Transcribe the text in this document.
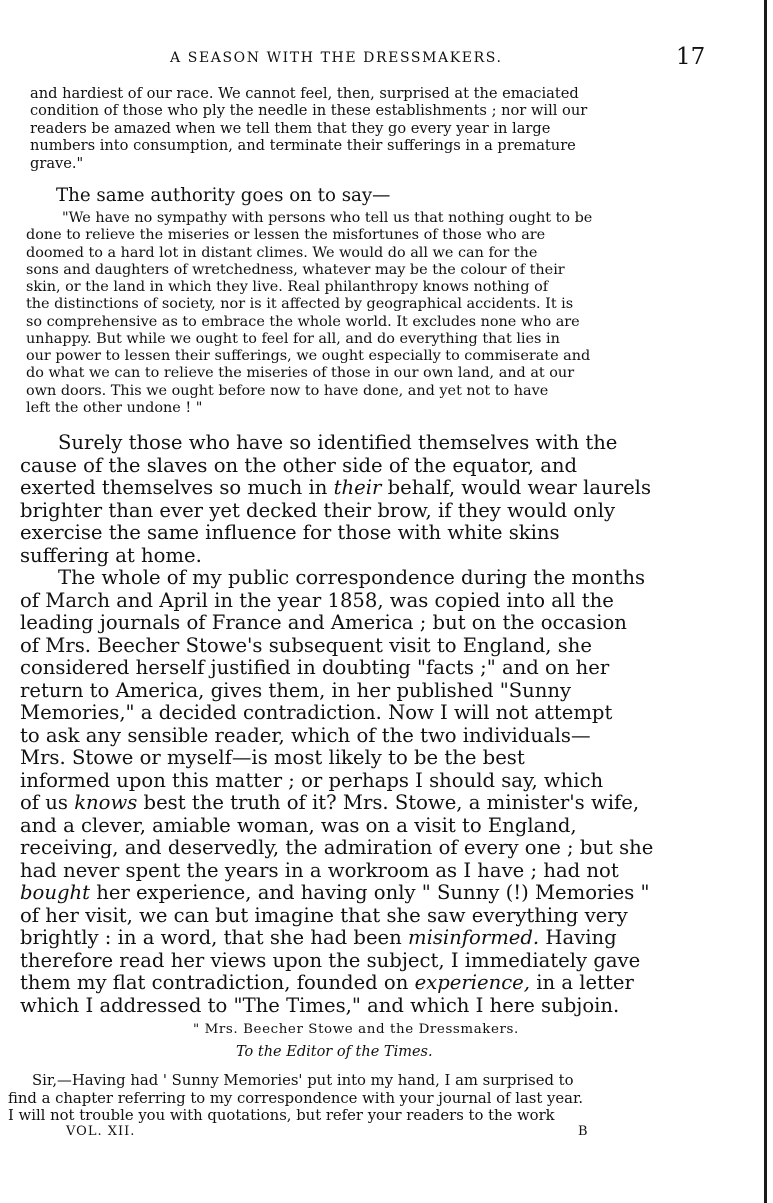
A SEASON WITH THE DRESSMAKERS.	17
and hardiest of our race. We cannot feel, then, surprised at the emaciated
condition of those who ply the needle in these establishments ; nor will our
readers be amazed when we tell them that they go every year in large
numbers into consumption, and terminate their sufferings in a premature
grave."

The same authority goes on to say—

"We have no sympathy with persons who tell us that nothing ought to be
done to relieve the miseries or lessen the misfortunes of those who are
doomed to a hard lot in distant climes. We would do all we can for the
sons and daughters of wretchedness, whatever may be the colour of their
skin, or the land in which they live. Real philanthropy knows nothing of
the distinctions of society, nor is it affected by geographical accidents. It is
so comprehensive as to embrace the whole world. It excludes none who are
unhappy. But while we ought to feel for all, and do everything that lies in
our power to lessen their sufferings, we ought especially to commiserate and
do what we can to relieve the miseries of those in our own land, and at our
own doors. This we ought before now to have done, and yet not to have
left the other undone ! "
Surely those who have so identified themselves with the
cause of the slaves on the other side of the equator, and
exerted themselves so much in their behalf, would wear laurels
brighter than ever yet decked their brow, if they would only
exercise the same influence for those with white skins
suffering at home.
The whole of my public correspondence during the months
of March and April in the year 1858, was copied into all the
leading journals of France and America ; but on the occasion
of Mrs. Beecher Stowe's subsequent visit to England, she
considered herself justified in doubting "facts ;" and on her
return to America, gives them, in her published "Sunny
Memories," a decided contradiction. Now I will not attempt
to ask any sensible reader, which of the two individuals—
Mrs. Stowe or myself—is most likely to be the best
informed upon this matter ; or perhaps I should say, which
of us knows best the truth of it? Mrs. Stowe, a minister's wife,
and a clever, amiable woman, was on a visit to England,
receiving, and deservedly, the admiration of every one ; but she
had never spent the years in a workroom as I have ; had not
bought her experience, and having only " Sunny (!) Memories "
of her visit, we can but imagine that she saw everything very
brightly : in a word, that she had been misinformed. Having
therefore read her views upon the subject, I immediately gave
them my flat contradiction, founded on experience, in a letter
which I addressed to "The Times," and which I here subjoin.
" Mrs. Beecher Stowe and the Dressmakers.
To the Editor of the Times.
Sir,—Having had ' Sunny Memories' put into my hand, I am surprised to
find a chapter referring to my correspondence with your journal of last year.
I will not trouble you with quotations, but refer your readers to the work
VOL. XII.	B
